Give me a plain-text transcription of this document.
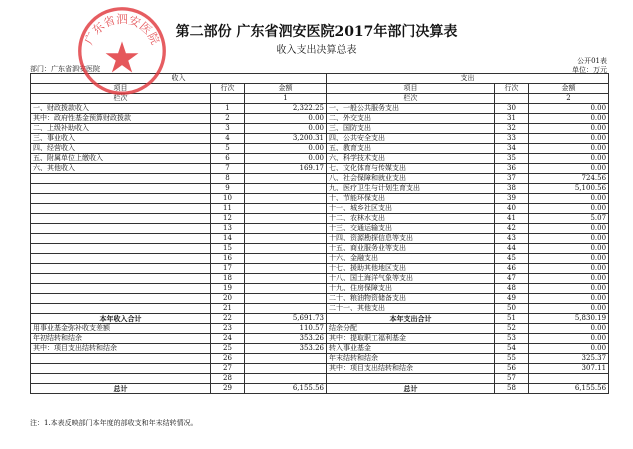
第二部份 广东省泗安医院2017年部门决算表
收入支出决算总表
公开01表
单位：万元
部门：广东省泗安医院
收入			支出		
项目	行次	金额	项目	行次	金额
栏次		1	栏次		2
一、财政拨款收入	1	2,322.25	一、一般公共服务支出	30	0.00
其中：政府性基金预算财政拨款	2	0.00	二、外交支出	31	0.00
二、上级补助收入	3	0.00	三、国防支出	32	0.00
三、事业收入	4	3,200.31	四、公共安全支出	33	0.00
四、经营收入	5	0.00	五、教育支出	34	0.00
五、附属单位上缴收入	6	0.00	六、科学技术支出	35	0.00
六、其他收入	7	169.17	七、文化体育与传媒支出	36	0.00
	8		八、社会保障和就业支出	37	724.56
	9		九、医疗卫生与计划生育支出	38	5,100.56
	10		十、节能环保支出	39	0.00
	11		十一、城乡社区支出	40	0.00
	12		十二、农林水支出	41	5.07
	13		十三、交通运输支出	42	0.00
	14		十四、资源勘探信息等支出	43	0.00
	15		十五、商业服务业等支出	44	0.00
	16		十六、金融支出	45	0.00
	17		十七、援助其他地区支出	46	0.00
	18		十八、国土海洋气象等支出	47	0.00
	19		十九、住房保障支出	48	0.00
	20		二十、粮油物资储备支出	49	0.00
	21		二十一、其他支出	50	0.00
本年收入合计	22	5,691.73	本年支出合计	51	5,830.19
用事业基金弥补收支差额	23	110.57	结余分配	52	0.00
年初结转和结余	24	353.26	其中：提取职工福利基金	53	0.00
其中：项目支出结转和结余	25	353.26	转入事业基金	54	0.00
	26		年末结转和结余	55	325.37
	27		其中：项目支出结转和结余	56	307.11
	28			57	
总计	29	6,155.56	总计	58	6,155.56
注：1.本表反映部门本年度的部收支和年末结转情况。
广东省泗安医院
